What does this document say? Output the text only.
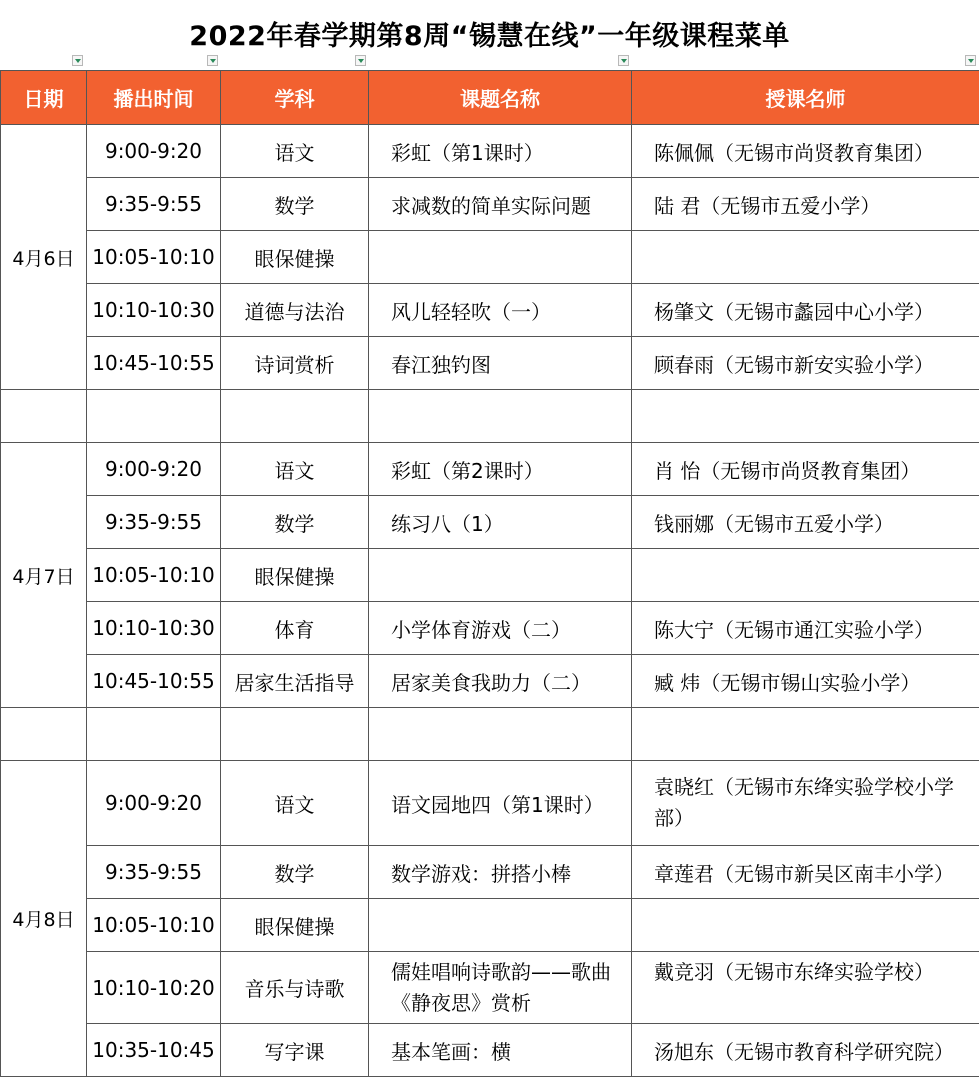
2022年春学期第8周“锡慧在线”一年级课程菜单
日期	播出时间	学科	课题名称	授课名师
4月6日	9:00-9:20	语文	彩虹（第1课时）	陈佩佩（无锡市尚贤教育集团）
	9:35-9:55	数学	求减数的简单实际问题	陆 君（无锡市五爱小学）
	10:05-10:10	眼保健操		
	10:10-10:30	道德与法治	风儿轻轻吹（一）	杨肇文（无锡市蠡园中心小学）
	10:45-10:55	诗词赏析	春江独钓图	顾春雨（无锡市新安实验小学）

4月7日	9:00-9:20	语文	彩虹（第2课时）	肖 怡（无锡市尚贤教育集团）
	9:35-9:55	数学	练习八（1）	钱丽娜（无锡市五爱小学）
	10:05-10:10	眼保健操		
	10:10-10:30	体育	小学体育游戏（二）	陈大宁（无锡市通江实验小学）
	10:45-10:55	居家生活指导	居家美食我助力（二）	臧 炜（无锡市锡山实验小学）

4月8日	9:00-9:20	语文	语文园地四（第1课时）	袁晓红（无锡市东绛实验学校小学部）
	9:35-9:55	数学	数学游戏：拼搭小棒	章莲君（无锡市新吴区南丰小学）
	10:05-10:10	眼保健操		
	10:10-10:20	音乐与诗歌	儒娃唱响诗歌韵——歌曲《静夜思》赏析	戴竞羽（无锡市东绛实验学校）
	10:35-10:45	写字课	基本笔画：横	汤旭东（无锡市教育科学研究院）
